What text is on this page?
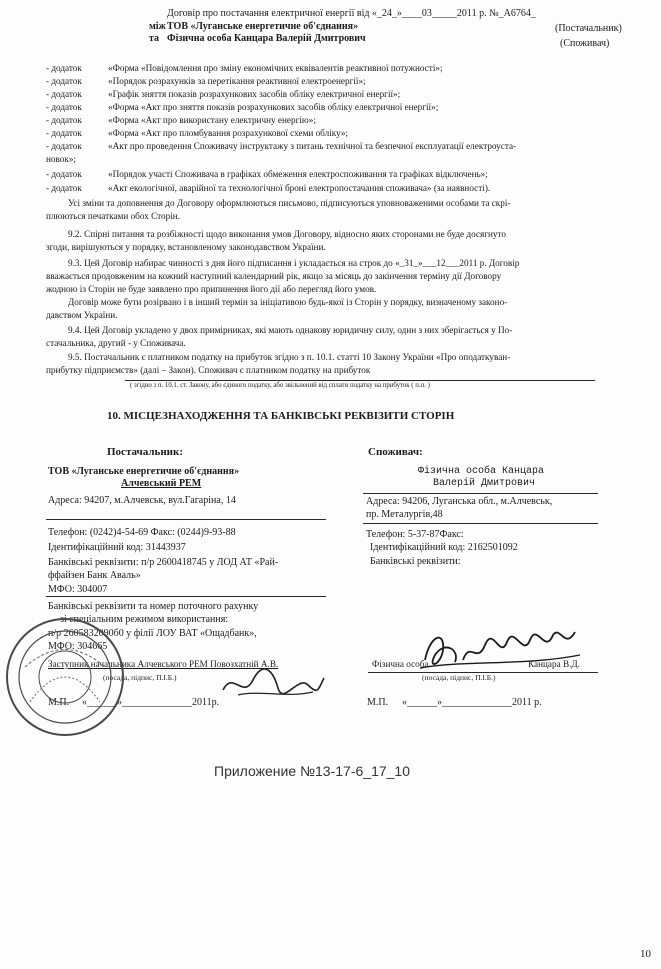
Договір про постачання електричної енергії від «_24_»____03_____2011 р. №_А6764_
між ТОВ «Луганське енергетичне об'єднання»	(Постачальник)
та Фізична особа Канцара Валерій Дмитрович	(Споживач)
- додаток	«Форма «Повідомлення про зміну економічних еквівалентів реактивної потужності»;
- додаток	«Порядок розрахунків за перетікання реактивної електроенергії»;
- додаток	«Графік зняття показів розрахункових засобів обліку електричної енергії»;
- додаток	«Форма «Акт про зняття показів розрахункових засобів обліку електричної енергії»;
- додаток	«Форма «Акт про використану електричну енергію»;
- додаток	«Форма «Акт про пломбування розрахункової схеми обліку»;
- додаток	«Акт про проведення Споживачу інструктажу з питань технічної та безпечної експлуатації електроуста-
новок»;
- додаток	«Порядок участі Споживача в графіках обмеження електроспоживання та графіках відключень»;
- додаток	«Акт екологічної, аварійної та технологічної броні електропостачання споживача» (за наявності).
Усі зміни та доповнення до Договору оформлюються письмово, підписуються уповноваженими особами та скрі-
плюються печатками обох Сторін.
9.2. Спірні питання та розбіжності щодо виконання умов Договору, відносно яких сторонами не буде досягнуто
згоди, вирішуються у порядку, встановленому законодавством України.
9.3. Цей Договір набирає чинності з дня його підписання і укладається на строк до «_31_»___12___2011 р. Договір
вважається продовженим на кожний наступний календарний рік, якщо за місяць до закінчення терміну дії Договору
жодною із Сторін не буде заявлено про припинення його дії або перегляд його умов.
Договір може бути розірвано і в інший термін за ініціативою будь-якої із Сторін у порядку, визначеному законо-
давством України.
9.4. Цей Договір укладено у двох примірниках, які мають однакову юридичну силу, один з них зберігається у По-
стачальника, другий - у Споживача.
9.5. Постачальник є платником податку на прибуток згідно з п. 10.1. статті 10 Закону України «Про оподаткуван-
прибутку підприємств» (далі – Закон). Споживач є платником податку на прибуток
( згідно з п. 10.1. ст. Закону, або єдиного податку, або звільнений від сплати податку на прибуток ( п.п. )
10. МІСЦЕЗНАХОДЖЕННЯ ТА БАНКІВСЬКІ РЕКВІЗИТИ СТОРІН
Постачальник:
ТОВ «Луганське енергетичне об'єднання»
Алчевський РЕМ
Адреса: 94207, м.Алчевськ, вул.Гагаріна, 14
Телефон: (0242)4-54-69 Факс: (0244)9-93-88
Ідентифікаційний код: 31443937
Банківські реквізити: п/р 2600418745 у ЛОД АТ «Рай-
ффайзен Банк Аваль»
МФО: 304007
Банківські реквізити та номер поточного рахунку
зі спеціальним режимом використання:
п/р 2605832090б0 у філії ЛОУ ВАТ «Ощадбанк»,
МФО: 304665
Заступник начальника Алчевського РЕМ Повозхатній А.В.
(посада, підпис, П.І.Б.)
М.П. «______»______________2011р.
Споживач:
Фізична особа Канцара
Валерій Дмитрович
Адреса: 94206, Луганська обл., м.Алчевськ,
пр. Металургів,48
Телефон: 5-37-87Факс:
Ідентифікаційний код: 2162501092
Банківські реквізити:
Фізична особа	Канцара В.Д.
(посада, підпис, П.І.Б.)
М.П. «______»______________2011 р.
Приложение №13-17-6_17_10
10
